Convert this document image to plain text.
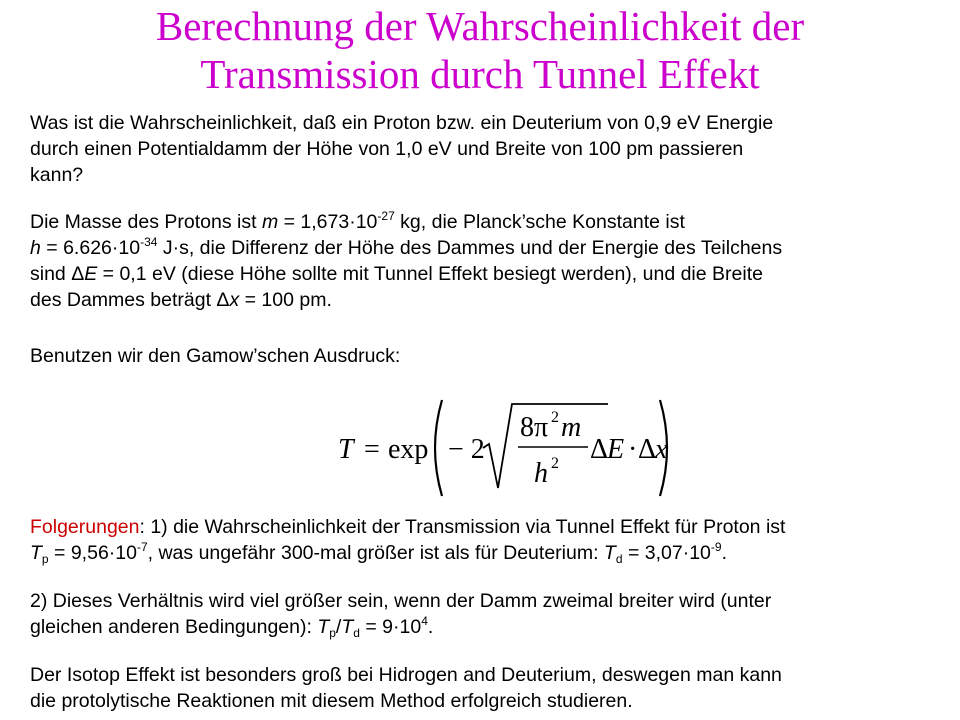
Berechnung der Wahrscheinlichkeit der
Transmission durch Tunnel Effekt
Was ist die Wahrscheinlichkeit, daß ein Proton bzw. ein Deuterium von 0,9 eV Energie
durch einen Potentialdamm der Höhe von 1,0 eV und Breite von 100 pm passieren
kann?
Die Masse des Protons ist $m = 1,673\cdot 10^{-27}$ kg, die Planck’sche Konstante ist
$h = 6.626\cdot 10^{-34}$ J·s, die Differenz der Höhe des Dammes und der Energie des Teilchens
sind ΔE = 0,1 eV (diese Höhe sollte mit Tunnel Effekt besiegt werden), und die Breite
des Dammes beträgt Δx = 100 pm.
Benutzen wir den Gamow’schen Ausdruck:
T = exp − 2
8π 2 m
h 2 Δ
E · Δ
x
Folgerungen: 1) die Wahrscheinlichkeit der Transmission via Tunnel Effekt für Proton ist
$T_p = 9,56\cdot 10^{-7}$, was ungefähr 300-mal größer ist als für Deuterium: $T_d = 3,07\cdot 10^{-9}$.
2) Dieses Verhältnis wird viel größer sein, wenn der Damm zweimal breiter wird (unter
gleichen anderen Bedingungen): $T_p/T_d = 9\cdot 10^4$.
Der Isotop Effekt ist besonders groß bei Hidrogen and Deuterium, deswegen man kann
die protolytische Reaktionen mit diesem Method erfolgreich studieren.
